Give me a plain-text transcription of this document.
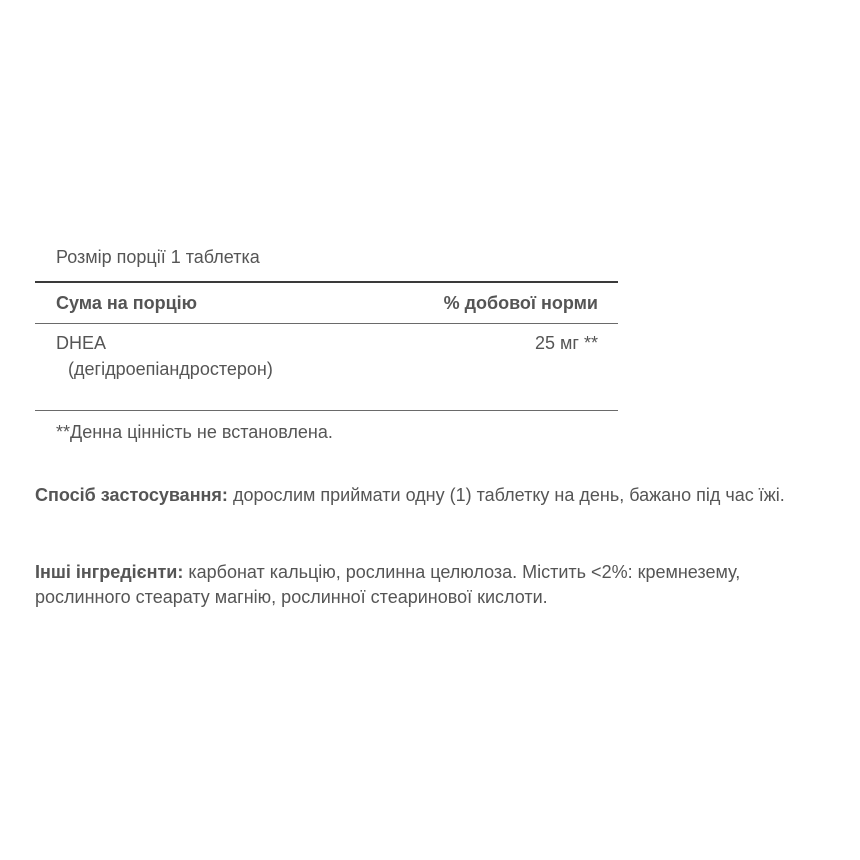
Розмір порції 1 таблетка
Сума на порцію	% добової норми
DHEA	25 мг **
(дегідроепіандростерон)
**Денна цінність не встановлена.
Спосіб застосування: дорослим приймати одну (1) таблетку на день, бажано під час їжі.
Інші інгредієнти: карбонат кальцію, рослинна целюлоза. Містить <2%: кремнезему, рослинного стеарату магнію, рослинної стеаринової кислоти.
